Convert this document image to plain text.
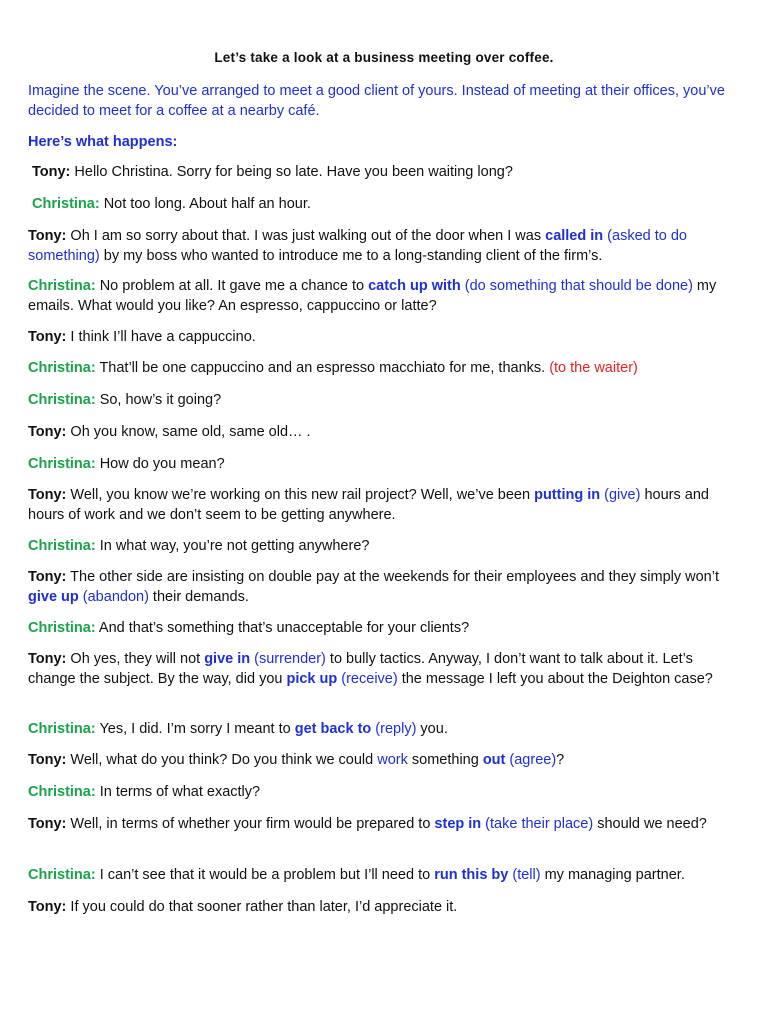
Let’s take a look at a business meeting over coffee.
Imagine the scene. You’ve arranged to meet a good client of yours. Instead of meeting at their offices, you’ve decided to meet for a coffee at a nearby café.
Here’s what happens:
Tony: Hello Christina. Sorry for being so late. Have you been waiting long?
Christina: Not too long. About half an hour.
Tony: Oh I am so sorry about that. I was just walking out of the door when I was called in (asked to do something) by my boss who wanted to introduce me to a long-standing client of the firm’s.
Christina: No problem at all. It gave me a chance to catch up with (do something that should be done) my emails. What would you like? An espresso, cappuccino or latte?
Tony: I think I’ll have a cappuccino.
Christina: That’ll be one cappuccino and an espresso macchiato for me, thanks. (to the waiter)
Christina: So, how’s it going?
Tony: Oh you know, same old, same old… .
Christina: How do you mean?
Tony: Well, you know we’re working on this new rail project? Well, we’ve been putting in (give) hours and hours of work and we don’t seem to be getting anywhere.
Christina: In what way, you’re not getting anywhere?
Tony: The other side are insisting on double pay at the weekends for their employees and they simply won’t give up (abandon) their demands.
Christina: And that’s something that’s unacceptable for your clients?
Tony: Oh yes, they will not give in (surrender) to bully tactics. Anyway, I don’t want to talk about it. Let’s change the subject. By the way, did you pick up (receive) the message I left you about the Deighton case?
Christina: Yes, I did. I’m sorry I meant to get back to (reply) you.
Tony: Well, what do you think? Do you think we could work something out (agree)?
Christina: In terms of what exactly?
Tony: Well, in terms of whether your firm would be prepared to step in (take their place) should we need?
Christina: I can’t see that it would be a problem but I’ll need to run this by (tell) my managing partner.
Tony: If you could do that sooner rather than later, I’d appreciate it.
